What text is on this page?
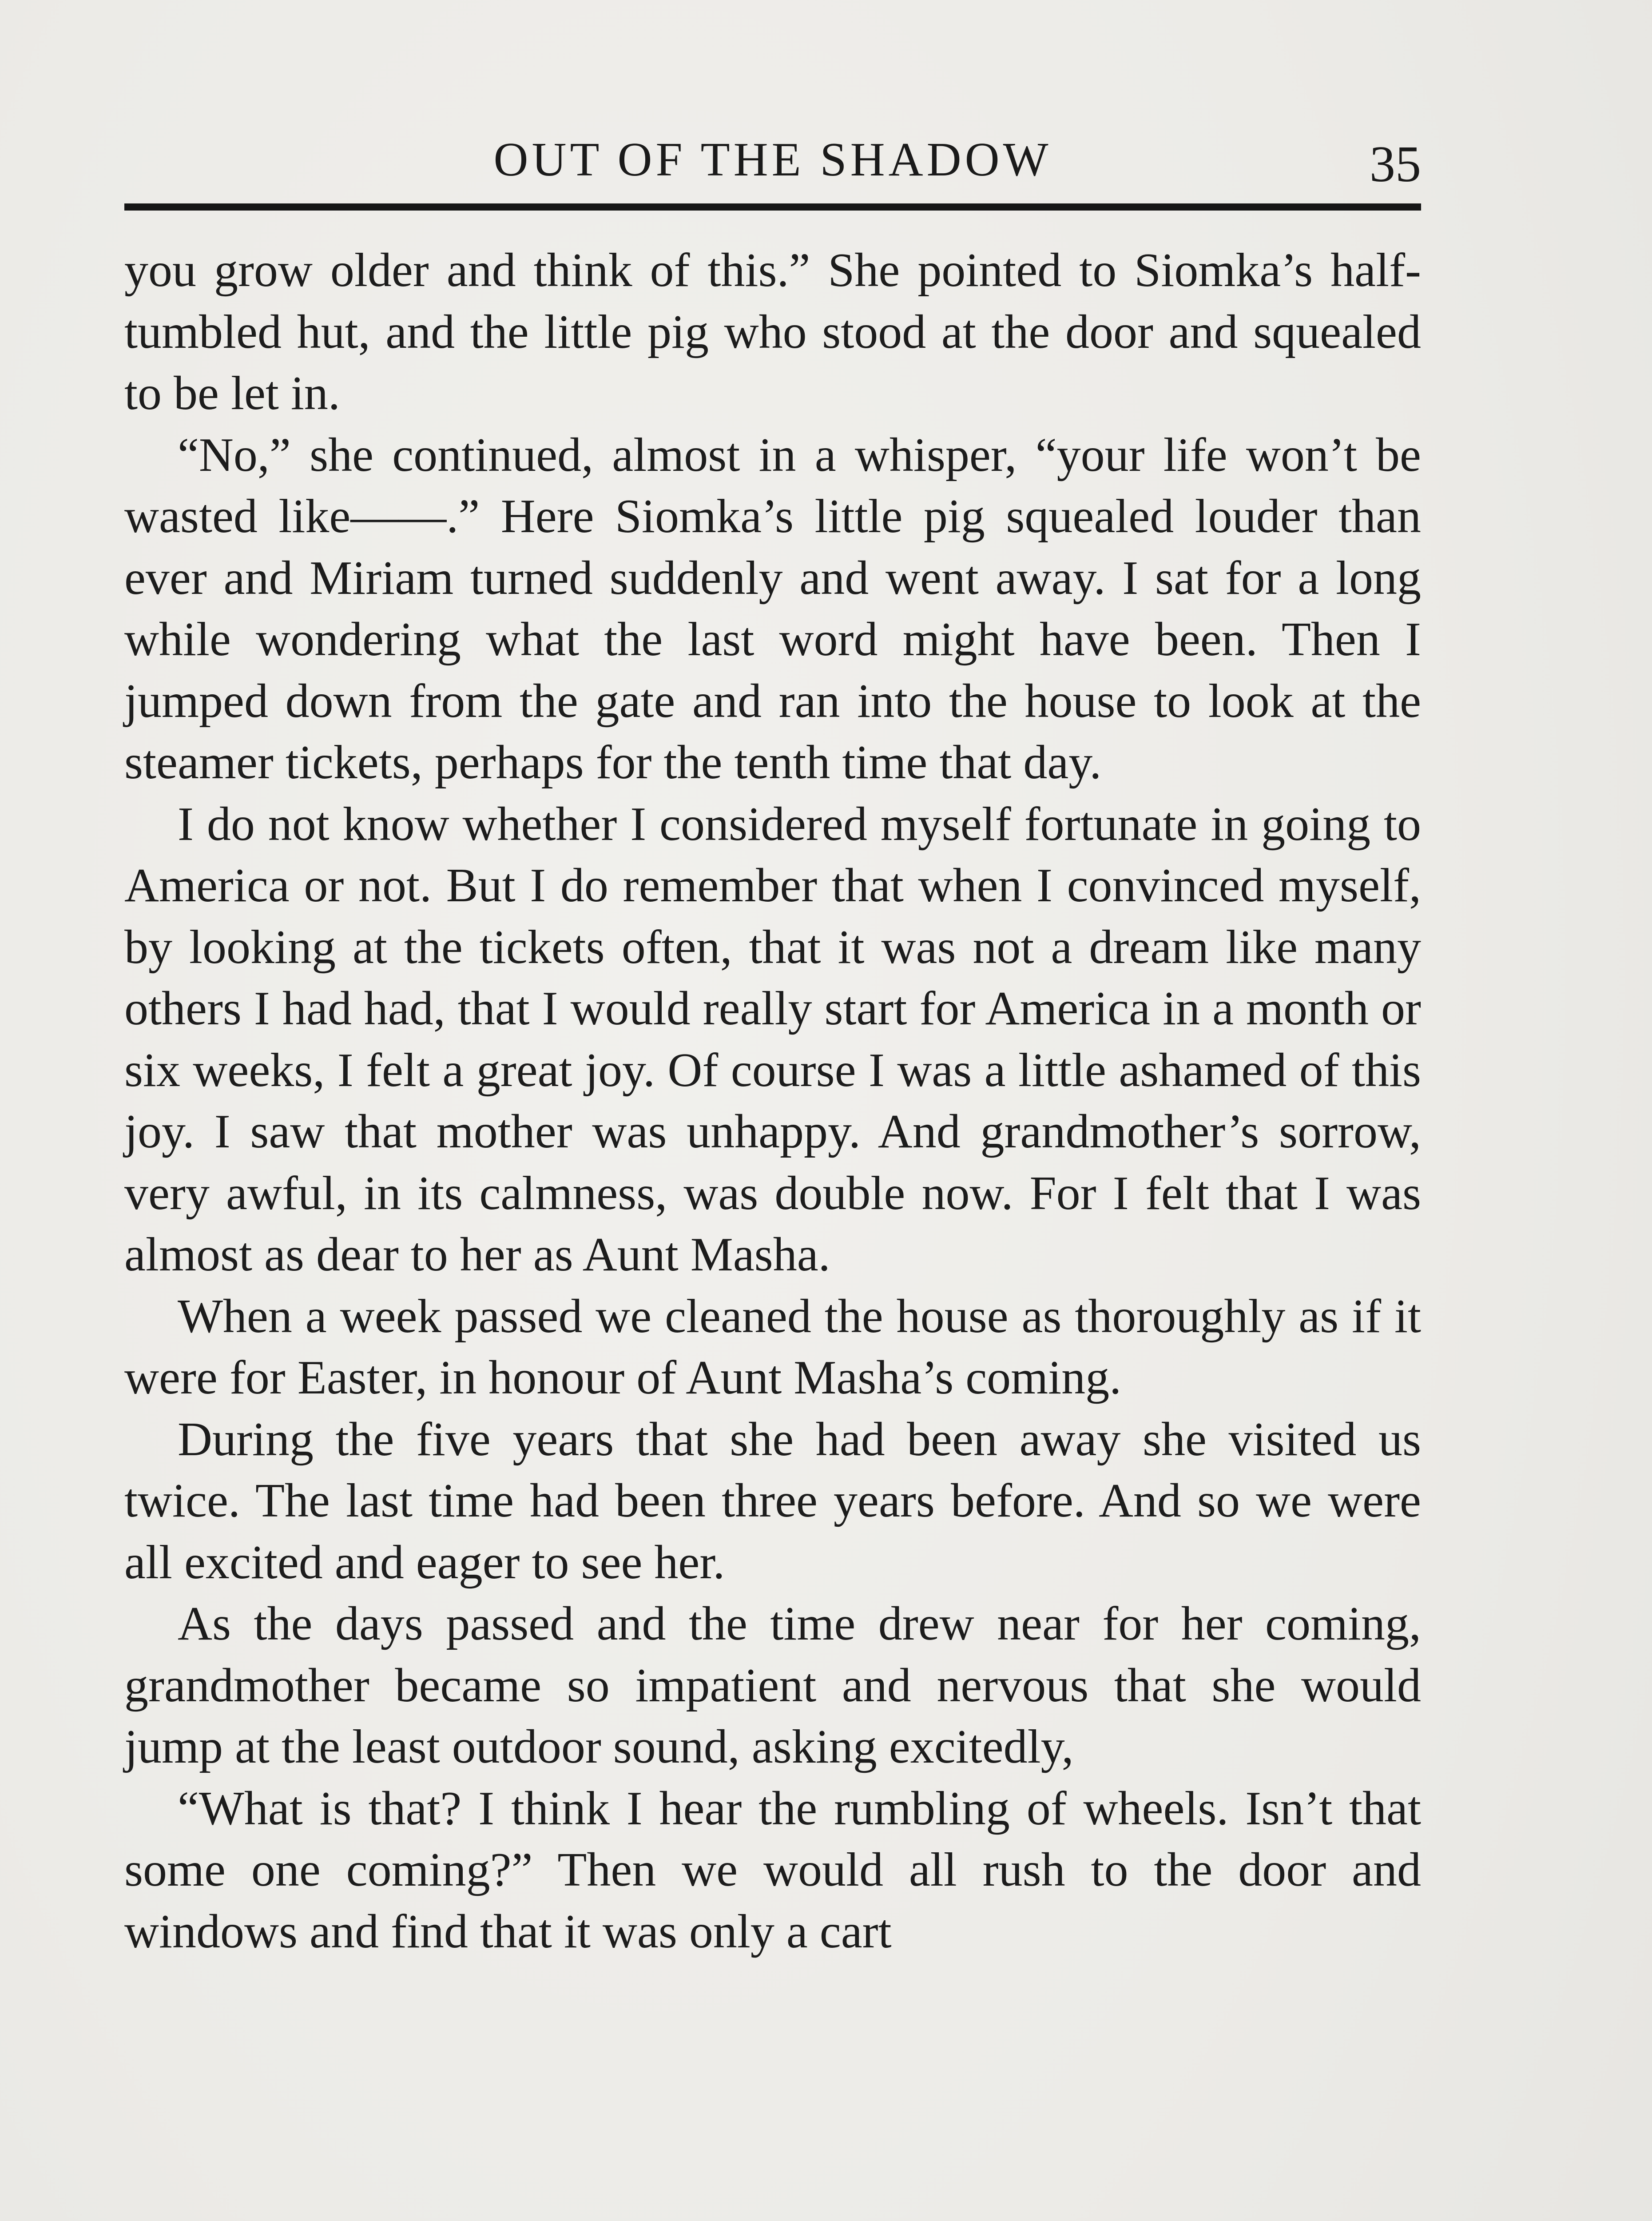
OUT OF THE SHADOW	35

you grow older and think of this.” She pointed to Siomka’s half-tumbled hut, and the little pig who stood at the door and squealed to be let in.

“No,” she continued, almost in a whisper, “your life won’t be wasted like——.” Here Siomka’s little pig squealed louder than ever and Miriam turned suddenly and went away. I sat for a long while wondering what the last word might have been. Then I jumped down from the gate and ran into the house to look at the steamer tickets, perhaps for the tenth time that day.

I do not know whether I considered myself fortunate in going to America or not. But I do remember that when I convinced myself, by looking at the tickets often, that it was not a dream like many others I had had, that I would really start for America in a month or six weeks, I felt a great joy. Of course I was a little ashamed of this joy. I saw that mother was unhappy. And grandmother’s sorrow, very awful, in its calmness, was double now. For I felt that I was almost as dear to her as Aunt Masha.

When a week passed we cleaned the house as thoroughly as if it were for Easter, in honour of Aunt Masha’s coming.

During the five years that she had been away she visited us twice. The last time had been three years before. And so we were all excited and eager to see her.

As the days passed and the time drew near for her coming, grandmother became so impatient and nervous that she would jump at the least outdoor sound, asking excitedly,

“What is that? I think I hear the rumbling of wheels. Isn’t that some one coming?” Then we would all rush to the door and windows and find that it was only a cart
